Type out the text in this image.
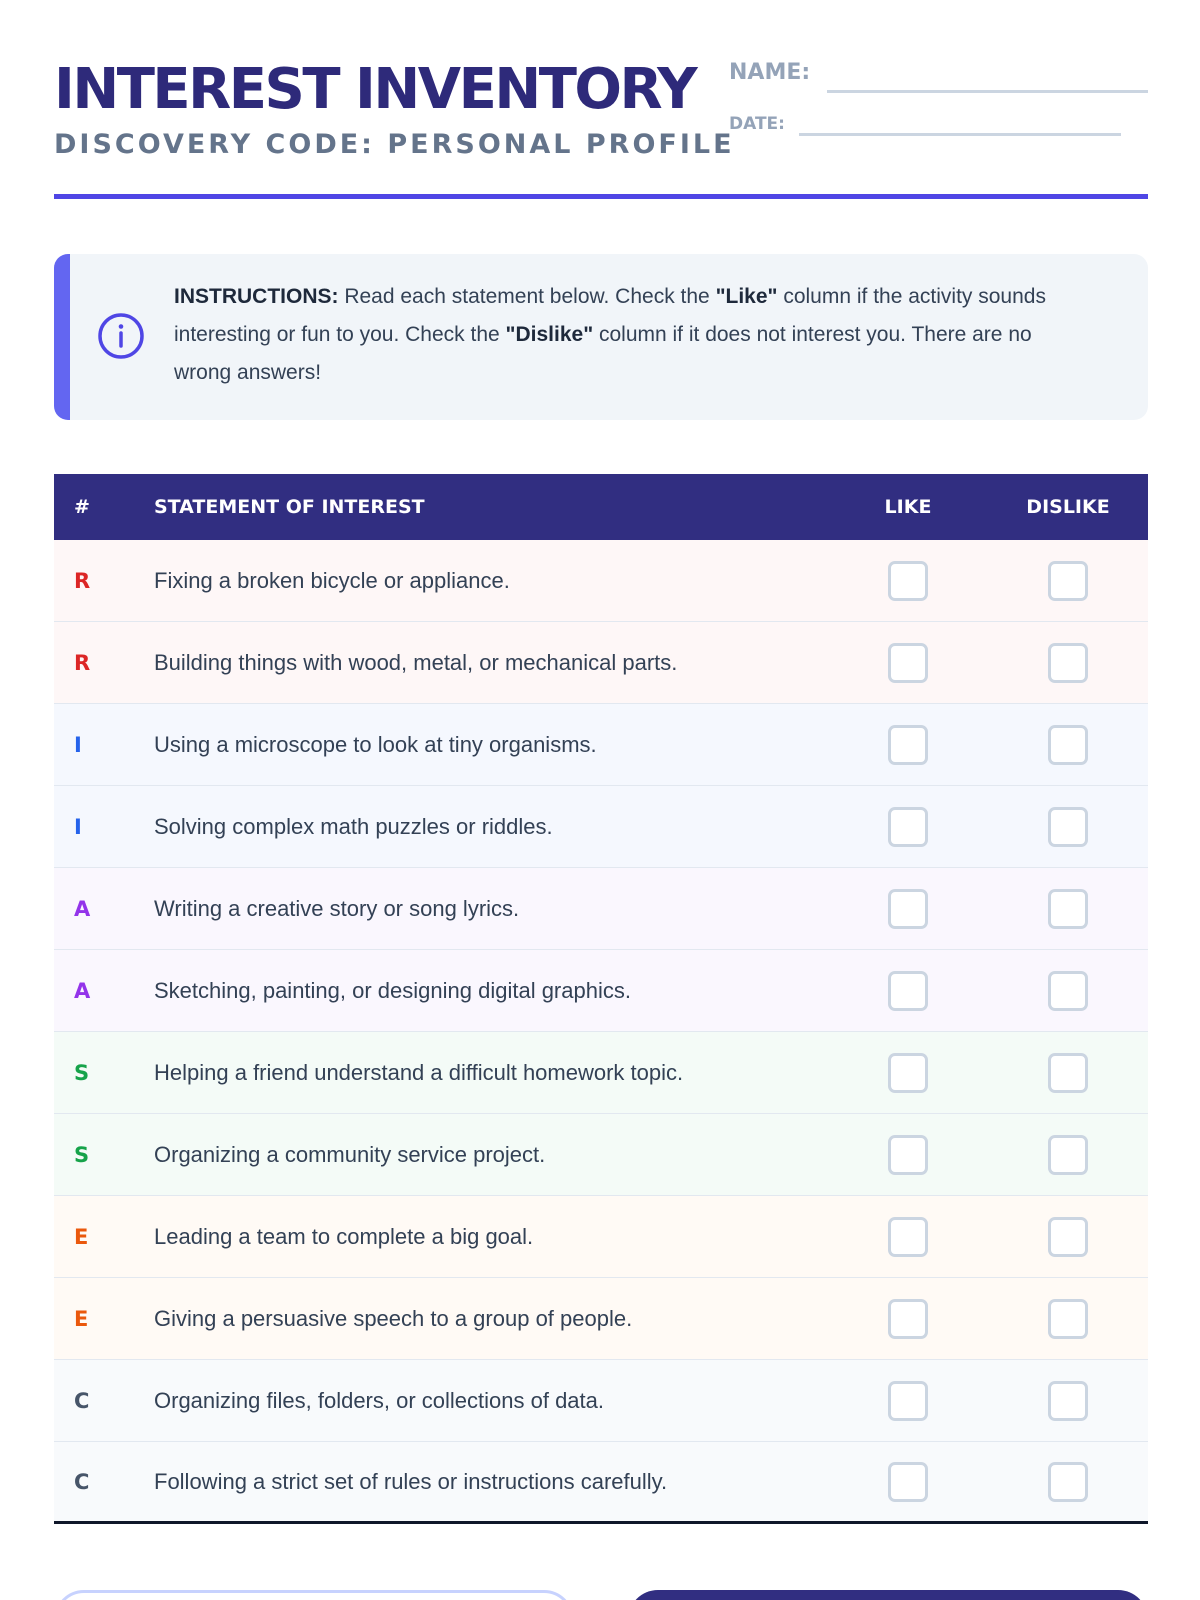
INTEREST INVENTORY
DISCOVERY CODE: PERSONAL PROFILE
NAME:
DATE:

INSTRUCTIONS: Read each statement below. Check the "Like" column if the activity sounds interesting or fun to you. Check the "Dislike" column if it does not interest you. There are no wrong answers!

#	STATEMENT OF INTEREST	LIKE	DISLIKE
R	Fixing a broken bicycle or appliance.
R	Building things with wood, metal, or mechanical parts.
I	Using a microscope to look at tiny organisms.
I	Solving complex math puzzles or riddles.
A	Writing a creative story or song lyrics.
A	Sketching, painting, or designing digital graphics.
S	Helping a friend understand a difficult homework topic.
S	Organizing a community service project.
E	Leading a team to complete a big goal.
E	Giving a persuasive speech to a group of people.
C	Organizing files, folders, or collections of data.
C	Following a strict set of rules or instructions carefully.
